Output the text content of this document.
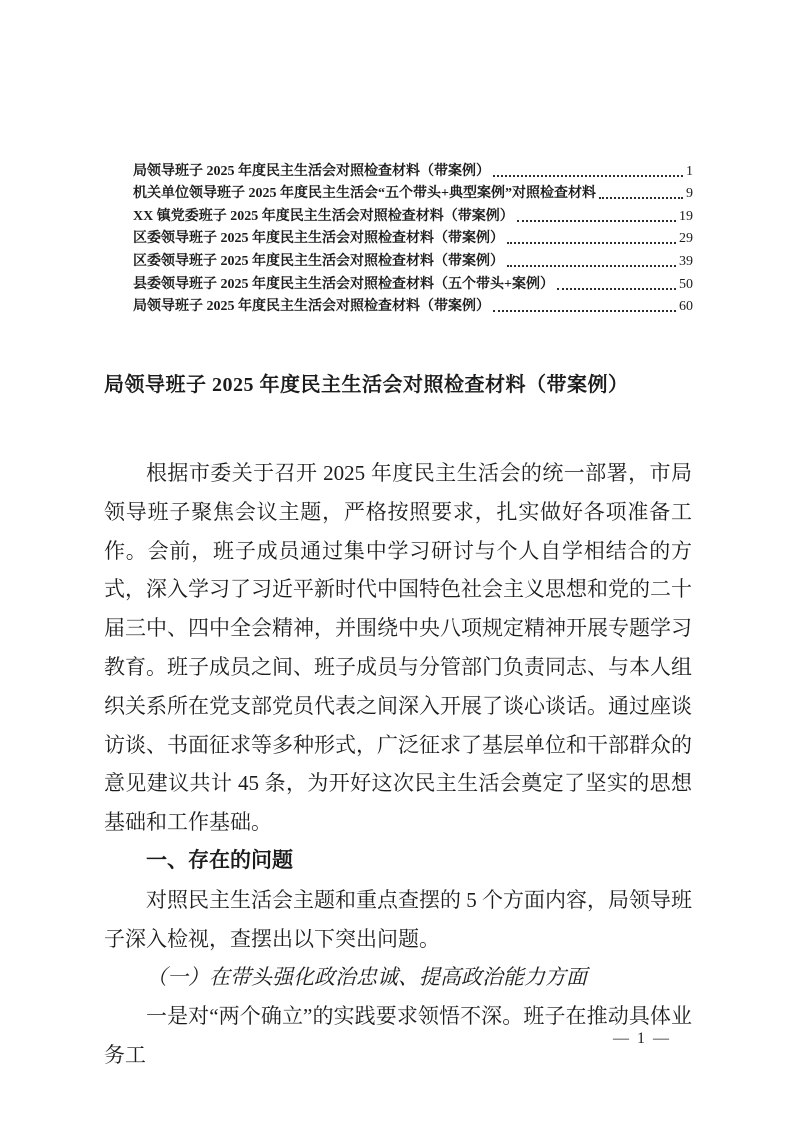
局领导班子 2025 年度民主生活会对照检查材料（带案例）	1
机关单位领导班子 2025 年度民主生活会“五个带头+典型案例”对照检查材料	9
XX 镇党委班子 2025 年度民主生活会对照检查材料（带案例）	19
区委领导班子 2025 年度民主生活会对照检查材料（带案例）	29
区委领导班子 2025 年度民主生活会对照检查材料（带案例）	39
县委领导班子 2025 年度民主生活会对照检查材料（五个带头+案例）	50
局领导班子 2025 年度民主生活会对照检查材料（带案例）	60
局领导班子 2025 年度民主生活会对照检查材料（带案例）

根据市委关于召开 2025 年度民主生活会的统一部署，市局领导班子聚焦会议主题，严格按照要求，扎实做好各项准备工作。会前，班子成员通过集中学习研讨与个人自学相结合的方式，深入学习了习近平新时代中国特色社会主义思想和党的二十届三中、四中全会精神，并围绕中央八项规定精神开展专题学习教育。班子成员之间、班子成员与分管部门负责同志、与本人组织关系所在党支部党员代表之间深入开展了谈心谈话。通过座谈访谈、书面征求等多种形式，广泛征求了基层单位和干部群众的意见建议共计 45 条，为开好这次民主生活会奠定了坚实的思想基础和工作基础。

一、存在的问题

对照民主生活会主题和重点查摆的 5 个方面内容，局领导班子深入检视，查摆出以下突出问题。

（一）在带头强化政治忠诚、提高政治能力方面

一是对“两个确立”的实践要求领悟不深。班子在推动具体业务工

— 1 —
